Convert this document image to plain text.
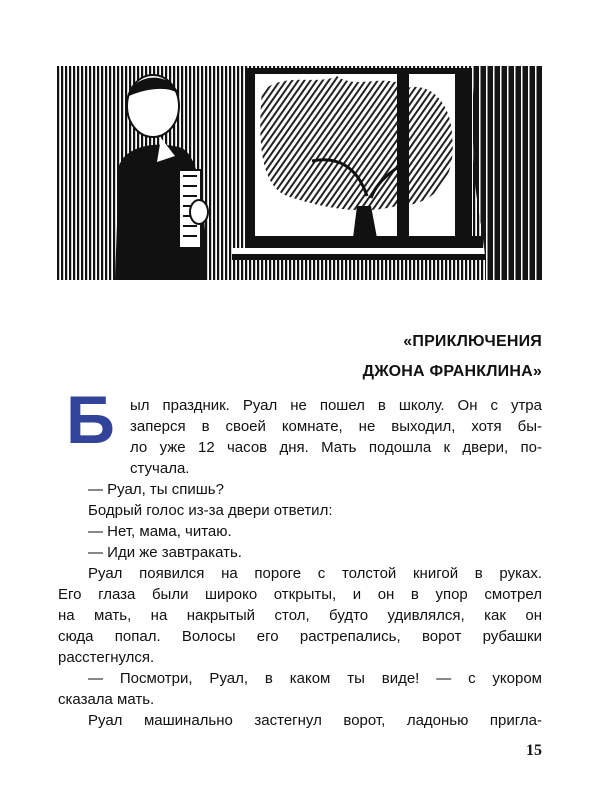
«ПРИКЛЮЧЕНИЯ
ДЖОНА ФРАНКЛИНА»
Б ыл праздник. Руал не пошел в школу. Он с утра
заперся в своей комнате, не выходил, хотя бы-
ло уже 12 часов дня. Мать подошла к двери, по-
стучала.
— Руал, ты спишь?
Бодрый голос из-за двери ответил:
— Нет, мама, читаю.
— Иди же завтракать.
Руал появился на пороге с толстой книгой в руках.
Его глаза были широко открыты, и он в упор смотрел
на мать, на накрытый стол, будто удивлялся, как он
сюда попал. Волосы его растрепались, ворот рубашки
расстегнулся.
— Посмотри, Руал, в каком ты виде! — с укором
сказала мать.
Руал машинально застегнул ворот, ладонью пригла-
15
